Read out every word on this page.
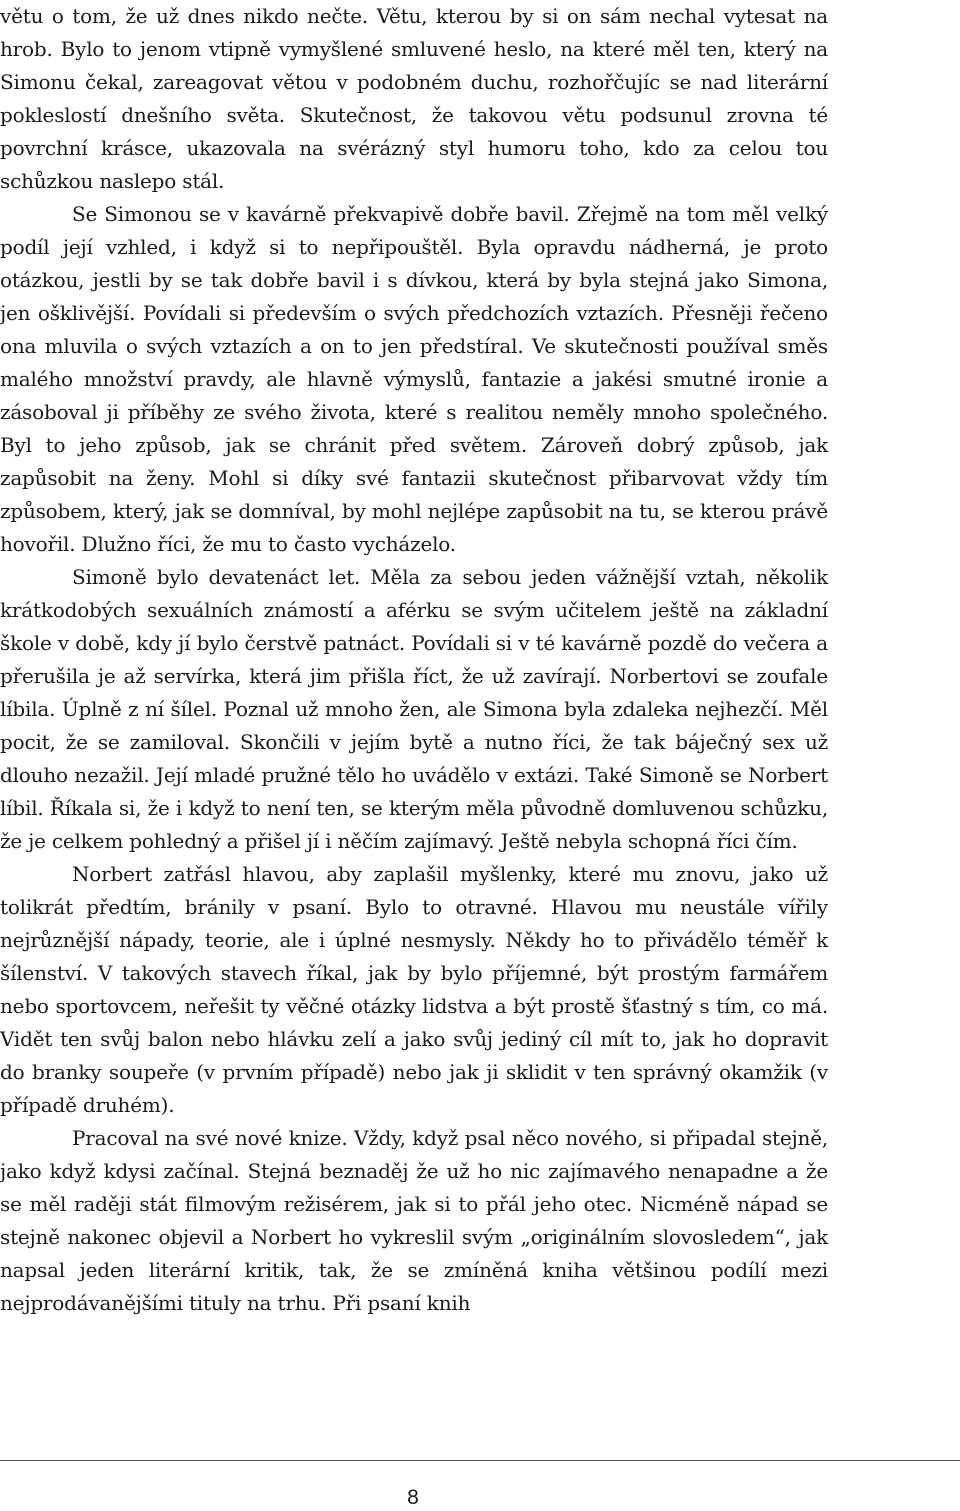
větu o tom, že už dnes nikdo nečte. Větu, kterou by si on sám nechal vytesat na hrob. Bylo to jenom vtipně vymyšlené smluvené heslo, na které měl ten, který na Simonu čekal, zareagovat větou v podobném duchu, rozhořčujíc se nad literární pokleslostí dnešního světa. Skutečnost, že takovou větu podsunul zrovna té povrchní krásce, ukazovala na svérázný styl humoru toho, kdo za celou tou schůzkou naslepo stál.

Se Simonou se v kavárně překvapivě dobře bavil. Zřejmě na tom měl velký podíl její vzhled, i když si to nepřipouštěl. Byla opravdu nádherná, je proto otázkou, jestli by se tak dobře bavil i s dívkou, která by byla stejná jako Simona, jen ošklivější. Povídali si především o svých předchozích vztazích. Přesněji řečeno ona mluvila o svých vztazích a on to jen předstíral. Ve skutečnosti používal směs malého množství pravdy, ale hlavně výmyslů, fantazie a jakési smutné ironie a zásoboval ji příběhy ze svého života, které s realitou neměly mnoho společného. Byl to jeho způsob, jak se chránit před světem. Zároveň dobrý způsob, jak zapůsobit na ženy. Mohl si díky své fantazii skutečnost přibarvovat vždy tím způsobem, který, jak se domníval, by mohl nejlépe zapůsobit na tu, se kterou právě hovořil. Dlužno říci, že mu to často vycházelo.

Simoně bylo devatenáct let. Měla za sebou jeden vážnější vztah, několik krátkodobých sexuálních známostí a aférku se svým učitelem ještě na základní škole v době, kdy jí bylo čerstvě patnáct. Povídali si v té kavárně pozdě do večera a přerušila je až servírka, která jim přišla říct, že už zavírají. Norbertovi se zoufale líbila. Úplně z ní šílel. Poznal už mnoho žen, ale Simona byla zdaleka nejhezčí. Měl pocit, že se zamiloval. Skončili v jejím bytě a nutno říci, že tak báječný sex už dlouho nezažil. Její mladé pružné tělo ho uvádělo v extázi. Také Simoně se Norbert líbil. Říkala si, že i když to není ten, se kterým měla původně domluvenou schůzku, že je celkem pohledný a přišel jí i něčím zajímavý. Ještě nebyla schopná říci čím.

Norbert zatřásl hlavou, aby zaplašil myšlenky, které mu znovu, jako už tolikrát předtím, bránily v psaní. Bylo to otravné. Hlavou mu neustále vířily nejrůznější nápady, teorie, ale i úplné nesmysly. Někdy ho to přivádělo téměř k šílenství. V takových stavech říkal, jak by bylo příjemné, být prostým farmářem nebo sportovcem, neřešit ty věčné otázky lidstva a být prostě šťastný s tím, co má. Vidět ten svůj balon nebo hlávku zelí a jako svůj jediný cíl mít to, jak ho dopravit do branky soupeře (v prvním případě) nebo jak ji sklidit v ten správný okamžik (v případě druhém).

Pracoval na své nové knize. Vždy, když psal něco nového, si připadal stejně, jako když kdysi začínal. Stejná beznaděj že už ho nic zajímavého nenapadne a že se měl raději stát filmovým režisérem, jak si to přál jeho otec. Nicméně nápad se stejně nakonec objevil a Norbert ho vykreslil svým „originálním slovosledem“, jak napsal jeden literární kritik, tak, že se zmíněná kniha většinou podílí mezi nejprodávanějšími tituly na trhu. Při psaní knih

8
